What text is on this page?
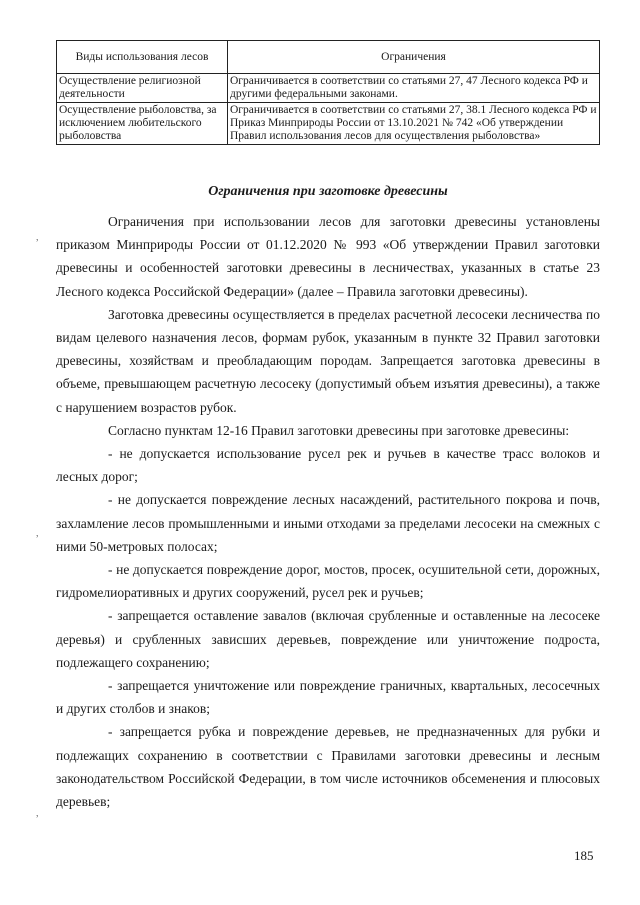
Виды использования лесов	Ограничения
Осуществление религиозной деятельности	Ограничивается в соответствии со статьями 27, 47 Лесного кодекса РФ и другими федеральными законами.
Осуществление рыболовства, за исключением любительского рыболовства	Ограничивается в соответствии со статьями 27, 38.1 Лесного кодекса РФ и Приказ Минприроды России от 13.10.2021 № 742 «Об утверждении Правил использования лесов для осуществления рыболовства»
Ограничения при заготовке древесины

Ограничения при использовании лесов для заготовки древесины установлены приказом Минприроды России от 01.12.2020 № 993 «Об утверждении Правил заготовки древесины и особенностей заготовки древесины в лесничествах, указанных в статье 23 Лесного кодекса Российской Федерации» (далее – Правила заготовки древесины).

Заготовка древесины осуществляется в пределах расчетной лесосеки лесничества по видам целевого назначения лесов, формам рубок, указанным в пункте 32 Правил заготовки древесины, хозяйствам и преобладающим породам. Запрещается заготовка древесины в объеме, превышающем расчетную лесосеку (допустимый объем изъятия древесины), а также с нарушением возрастов рубок.

Согласно пунктам 12-16 Правил заготовки древесины при заготовке древесины:

- не допускается использование русел рек и ручьев в качестве трасс волоков и лесных дорог;

- не допускается повреждение лесных насаждений, растительного покрова и почв, захламление лесов промышленными и иными отходами за пределами лесосеки на смежных с ними 50-метровых полосах;

- не допускается повреждение дорог, мостов, просек, осушительной сети, дорожных, гидромелиоративных и других сооружений, русел рек и ручьев;

- запрещается оставление завалов (включая срубленные и оставленные на лесосеке деревья) и срубленных зависших деревьев, повреждение или уничтожение подроста, подлежащего сохранению;

- запрещается уничтожение или повреждение граничных, квартальных, лесосечных и других столбов и знаков;

- запрещается рубка и повреждение деревьев, не предназначенных для рубки и подлежащих сохранению в соответствии с Правилами заготовки древесины и лесным законодательством Российской Федерации, в том числе источников обсеменения и плюсовых деревьев;

,
,
,
185
